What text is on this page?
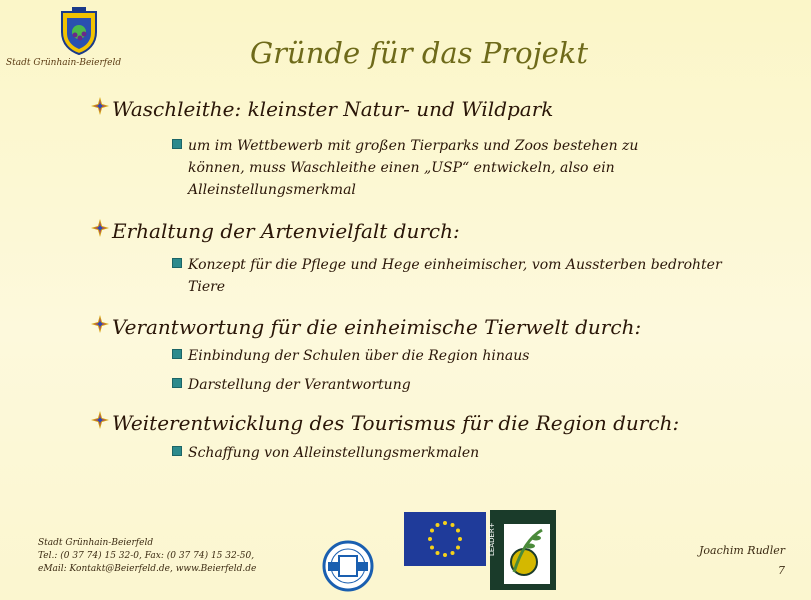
Stadt Grünhain-Beierfeld	Gründe für das Projekt
Waschleithe: kleinster Natur- und Wildpark
um im Wettbewerb mit großen Tierparks und Zoos bestehen zu
können, muss Waschleithe einen „USP“ entwickeln, also ein
Alleinstellungsmerkmal
Erhaltung der Artenvielfalt durch:
Konzept für die Pflege und Hege einheimischer, vom Aussterben bedrohter
Tiere
Verantwortung für die einheimische Tierwelt durch:
Einbindung der Schulen über die Region hinaus
Darstellung der Verantwortung
Weiterentwicklung des Tourismus für die Region durch:
Schaffung von Alleinstellungsmerkmalen
Stadt Grünhain-Beierfeld
Tel.: (0 37 74) 15 32-0, Fax: (0 37 74) 15 32-50,
eMail: Kontakt@Beierfeld.de, www.Beierfeld.de
LEADER+	Joachim Rudler
7
